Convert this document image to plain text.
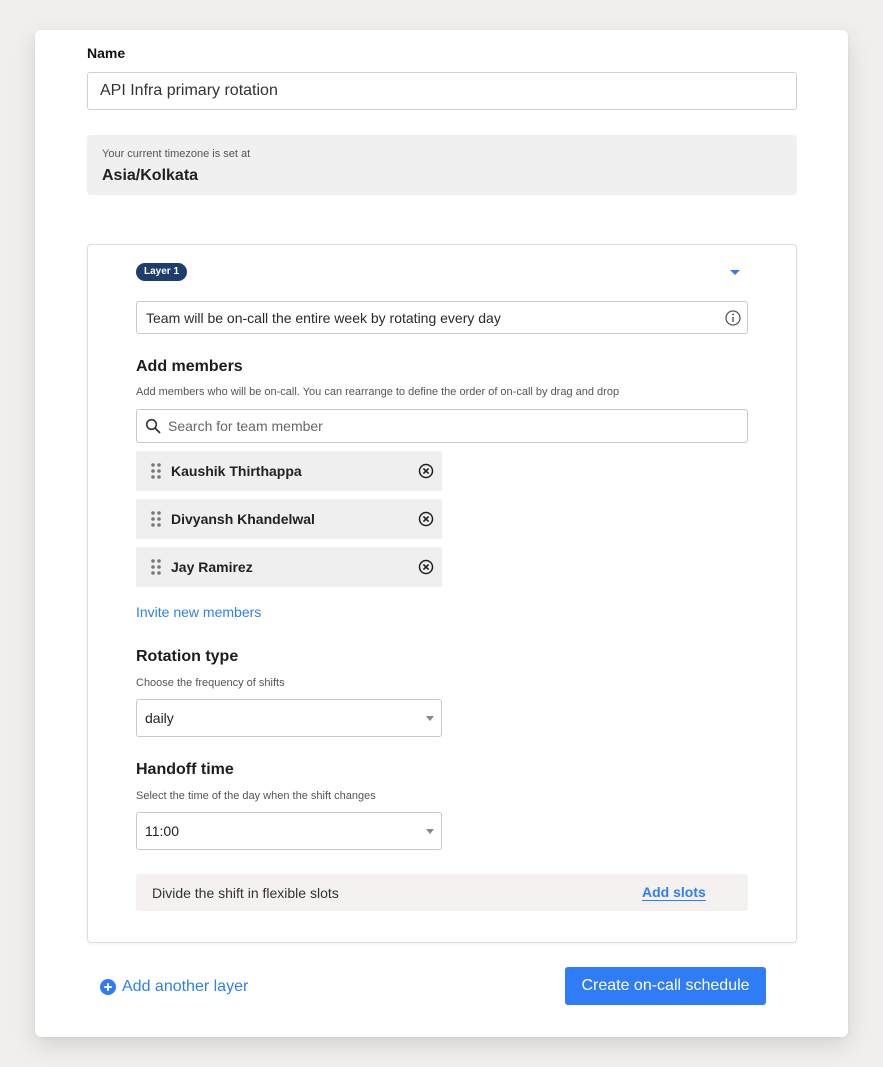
Name
API Infra primary rotation
Your current timezone is set at
Asia/Kolkata
Layer 1
Team will be on-call the entire week by rotating every day
Add members
Add members who will be on-call. You can rearrange to define the order of on-call by drag and drop
Search for team member
Kaushik Thirthappa
Divyansh Khandelwal
Jay Ramirez
Invite new members
Rotation type
Choose the frequency of shifts
daily
Handoff time
Select the time of the day when the shift changes
11:00
Divide the shift in flexible slots	Add slots
Add another layer	Create on-call schedule
